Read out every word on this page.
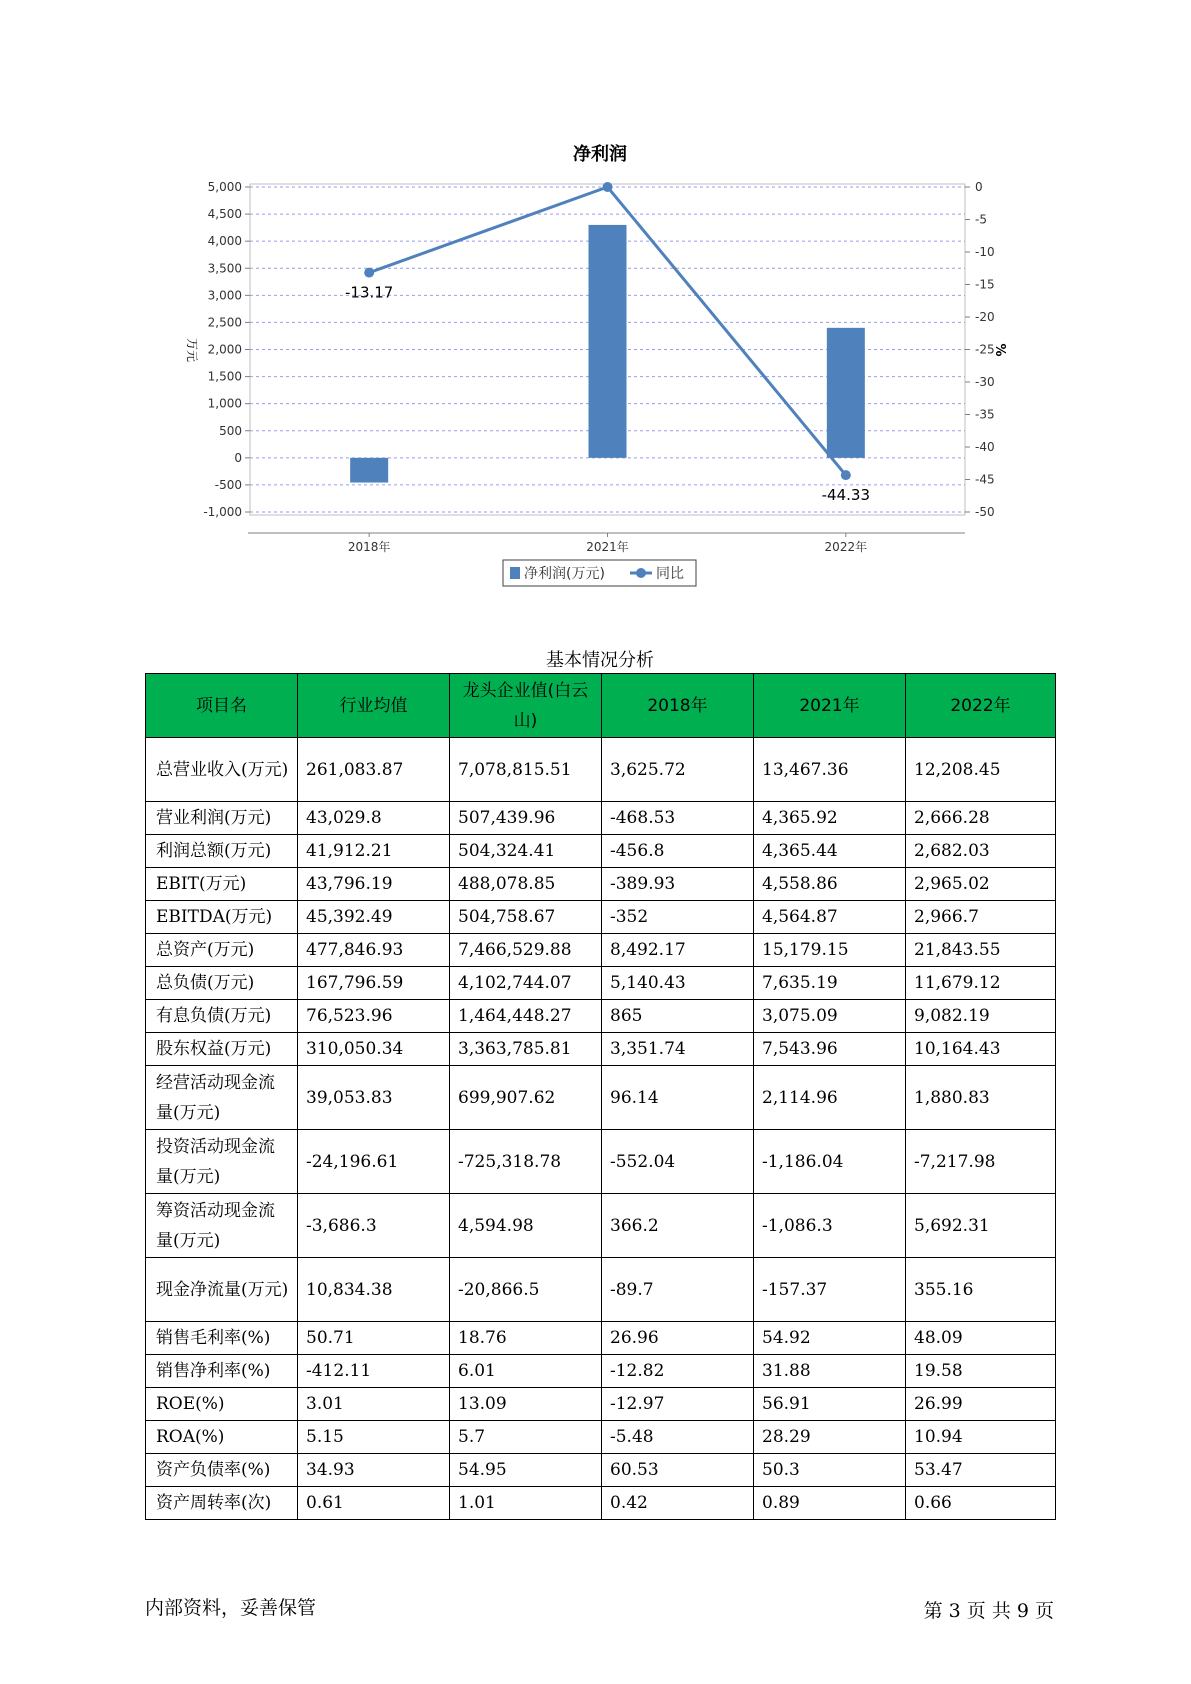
净利润
5,000
4,500
4,000
3,500
3,000
2,500
2,000
1,500
1,000
500
0
-500
-1,000
0
-5
-10
-15
-20
-25
-30
-35
-40
-45
-50
-13.17
-44.33
2018年	2021年	2022年
万元	%
净利润(万元)	同比
基本情况分析
项目名	行业均值	龙头企业值(白云山)	2018年	2021年	2022年
总营业收入(万元)	261,083.87	7,078,815.51	3,625.72	13,467.36	12,208.45
营业利润(万元)	43,029.8	507,439.96	-468.53	4,365.92	2,666.28
利润总额(万元)	41,912.21	504,324.41	-456.8	4,365.44	2,682.03
EBIT(万元)	43,796.19	488,078.85	-389.93	4,558.86	2,965.02
EBITDA(万元)	45,392.49	504,758.67	-352	4,564.87	2,966.7
总资产(万元)	477,846.93	7,466,529.88	8,492.17	15,179.15	21,843.55
总负债(万元)	167,796.59	4,102,744.07	5,140.43	7,635.19	11,679.12
有息负债(万元)	76,523.96	1,464,448.27	865	3,075.09	9,082.19
股东权益(万元)	310,050.34	3,363,785.81	3,351.74	7,543.96	10,164.43
经营活动现金流量(万元)	39,053.83	699,907.62	96.14	2,114.96	1,880.83
投资活动现金流量(万元)	-24,196.61	-725,318.78	-552.04	-1,186.04	-7,217.98
筹资活动现金流量(万元)	-3,686.3	4,594.98	366.2	-1,086.3	5,692.31
现金净流量(万元)	10,834.38	-20,866.5	-89.7	-157.37	355.16
销售毛利率(%)	50.71	18.76	26.96	54.92	48.09
销售净利率(%)	-412.11	6.01	-12.82	31.88	19.58
ROE(%)	3.01	13.09	-12.97	56.91	26.99
ROA(%)	5.15	5.7	-5.48	28.29	10.94
资产负债率(%)	34.93	54.95	60.53	50.3	53.47
资产周转率(次)	0.61	1.01	0.42	0.89	0.66
内部资料，妥善保管	第 3 页 共 9 页
